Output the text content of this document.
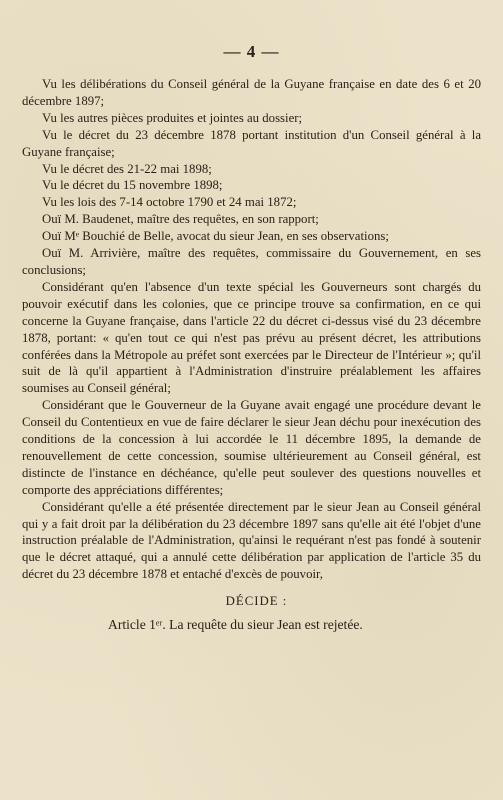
— 4 —

Vu les délibérations du Conseil général de la Guyane française en date des 6 et 20 décembre 1897;

Vu les autres pièces produites et jointes au dossier;

Vu le décret du 23 décembre 1878 portant institution d'un Conseil général à la Guyane française;

Vu le décret des 21-22 mai 1898;

Vu le décret du 15 novembre 1898;

Vu les lois des 7-14 octobre 1790 et 24 mai 1872;

Ouï M. Baudenet, maître des requêtes, en son rapport;

Ouï Mᵉ Bouchié de Belle, avocat du sieur Jean, en ses observations;

Ouï M. Arrivière, maître des requêtes, commissaire du Gouvernement, en ses conclusions;

Considérant qu'en l'absence d'un texte spécial les Gouverneurs sont chargés du pouvoir exécutif dans les colonies, que ce principe trouve sa confirmation, en ce qui concerne la Guyane française, dans l'article 22 du décret ci-dessus visé du 23 décembre 1878, portant: « qu'en tout ce qui n'est pas prévu au présent décret, les attributions conférées dans la Métropole au préfet sont exercées par le Directeur de l'Intérieur »; qu'il suit de là qu'il appartient à l'Administration d'instruire préalablement les affaires soumises au Conseil général;

Considérant que le Gouverneur de la Guyane avait engagé une procédure devant le Conseil du Contentieux en vue de faire déclarer le sieur Jean déchu pour inexécution des conditions de la concession à lui accordée le 11 décembre 1895, la demande de renouvellement de cette concession, soumise ultérieurement au Conseil général, est distincte de l'instance en déchéance, qu'elle peut soulever des questions nouvelles et comporte des appréciations différentes;

Considérant qu'elle a été présentée directement par le sieur Jean au Conseil général qui y a fait droit par la délibération du 23 décembre 1897 sans qu'elle ait été l'objet d'une instruction préalable de l'Administration, qu'ainsi le requérant n'est pas fondé à soutenir que le décret attaqué, qui a annulé cette délibération par application de l'article 35 du décret du 23 décembre 1878 et entaché d'excès de pouvoir,

DÉCIDE :

Article 1ᵉʳ. La requête du sieur Jean est rejetée.
